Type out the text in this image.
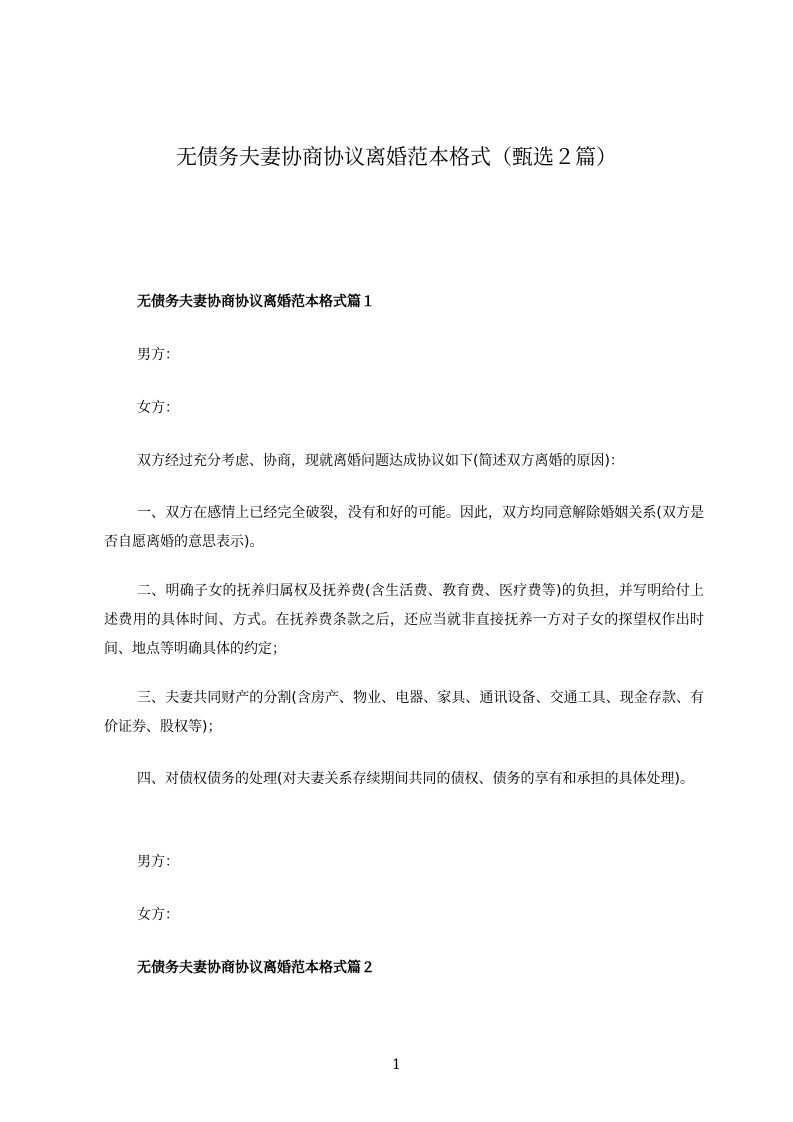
无债务夫妻协商协议离婚范本格式（甄选２篇）
无债务夫妻协商协议离婚范本格式篇１
男方：
女方：
双方经过充分考虑、协商，现就离婚问题达成协议如下(简述双方离婚的原因)：
一、双方在感情上已经完全破裂，没有和好的可能。因此，双方均同意解除婚姻关系(双方是否自愿离婚的意思表示)。
二、明确子女的抚养归属权及抚养费(含生活费、教育费、医疗费等)的负担，并写明给付上述费用的具体时间、方式。在抚养费条款之后，还应当就非直接抚养一方对子女的探望权作出时间、地点等明确具体的约定；
三、夫妻共同财产的分割(含房产、物业、电器、家具、通讯设备、交通工具、现金存款、有价证券、股权等)；
四、对债权债务的处理(对夫妻关系存续期间共同的债权、债务的享有和承担的具体处理)。
男方：
女方：
无债务夫妻协商协议离婚范本格式篇２
1
